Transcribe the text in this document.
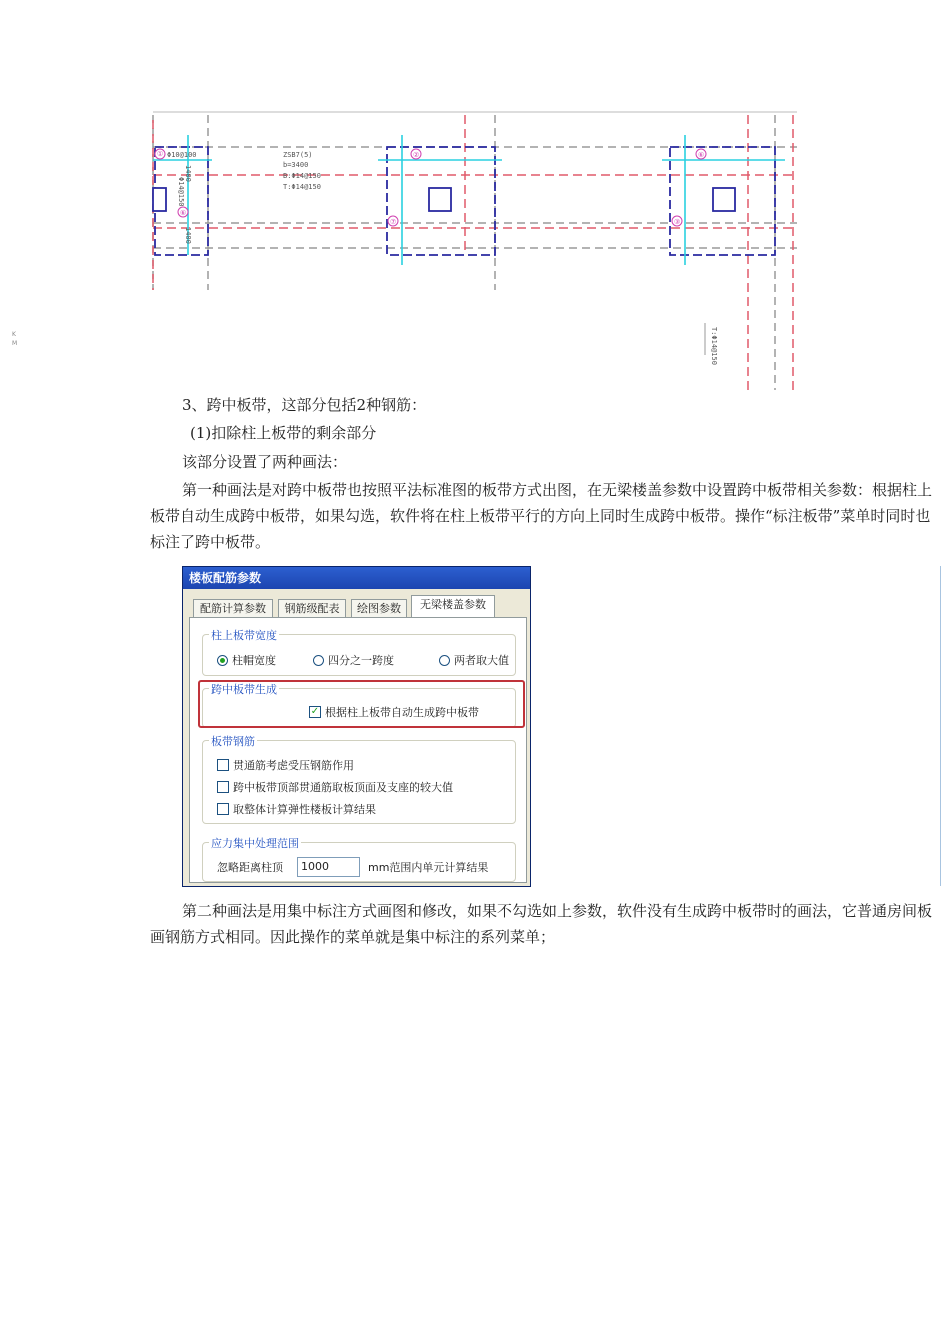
KM
① Φ10@100	ZSB7(5)
b=3400
B:Φ14@150
T:Φ14@150
⑥
②
⑦
⑥
③
1400
Φ14@150
1400
T:Φ14@150
3、跨中板带，这部分包括2种钢筋：
(1)扣除柱上板带的剩余部分
该部分设置了两种画法：
第一种画法是对跨中板带也按照平法标准图的板带方式出图，在无梁楼盖参数中设置跨中板带相关参数：根据柱上板带自动生成跨中板带，如果勾选，软件将在柱上板带平行的方向上同时生成跨中板带。操作“标注板带”菜单时同时也标注了跨中板带。
楼板配筋参数
配筋计算参数	钢筋级配表	绘图参数	无梁楼盖参数
柱上板带宽度
柱帽宽度	四分之一跨度	两者取大值
跨中板带生成
✓ 根据柱上板带自动生成跨中板带
板带钢筋
贯通筋考虑受压钢筋作用
跨中板带顶部贯通筋取板顶面及支座的较大值
取整体计算弹性楼板计算结果
应力集中处理范围
忽略距离柱顶	1000	mm范围内单元计算结果
第二种画法是用集中标注方式画图和修改，如果不勾选如上参数，软件没有生成跨中板带时的画法，它普通房间板画钢筋方式相同。因此操作的菜单就是集中标注的系列菜单；
